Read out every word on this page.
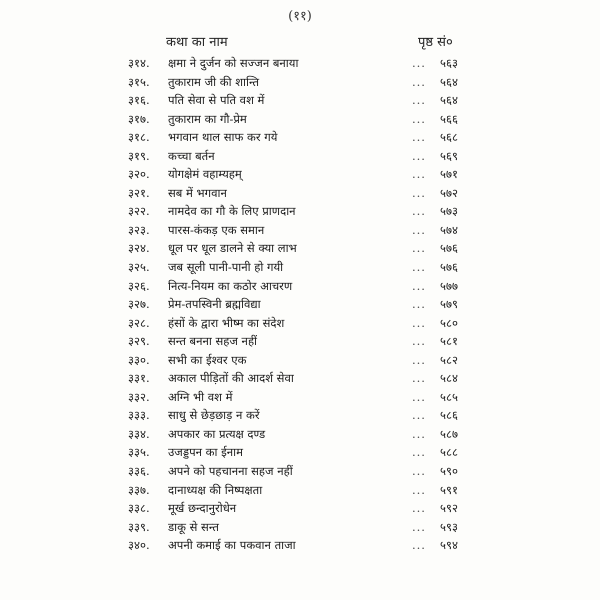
(११)
कथा का नाम	पृष्ठ सं०
३१४.	क्षमा ने दुर्जन को सज्जन बनाया	...	५६३
३१५.	तुकाराम जी की शान्ति	...	५६४
३१६.	पति सेवा से पति वश में	...	५६४
३१७.	तुकाराम का गौ-प्रेम	...	५६६
३१८.	भगवान थाल साफ कर गये	...	५६८
३१९.	कच्चा बर्तन	...	५६९
३२०.	योगक्षेमं वहाम्यहम्	...	५७१
३२१.	सब में भगवान	...	५७२
३२२.	नामदेव का गौ के लिए प्राणदान	...	५७३
३२३.	पारस-कंकड़ एक समान	...	५७४
३२४.	धूल पर धूल डालने से क्या लाभ	...	५७६
३२५.	जब सूली पानी-पानी हो गयी	...	५७६
३२६.	नित्य-नियम का कठोर आचरण	...	५७७
३२७.	प्रेम-तपस्विनी ब्रह्मविद्या	...	५७९
३२८.	हंसों के द्वारा भीष्म का संदेश	...	५८०
३२९.	सन्त बनना सहज नहीं	...	५८१
३३०.	सभी का ईश्वर एक	...	५८२
३३१.	अकाल पीड़ितों की आदर्श सेवा	...	५८४
३३२.	अग्नि भी वश में	...	५८५
३३३.	साधु से छेड़छाड़ न करें	...	५८६
३३४.	अपकार का प्रत्यक्ष दण्ड	...	५८७
३३५.	उजड्डपन का ईनाम	...	५८८
३३६.	अपने को पहचानना सहज नहीं	...	५९०
३३७.	दानाध्यक्ष की निष्पक्षता	...	५९१
३३८.	मूर्ख छन्दानुरोधेन	...	५९२
३३९.	डाकू से सन्त	...	५९३
३४०.	अपनी कमाई का पकवान ताजा	...	५९४
